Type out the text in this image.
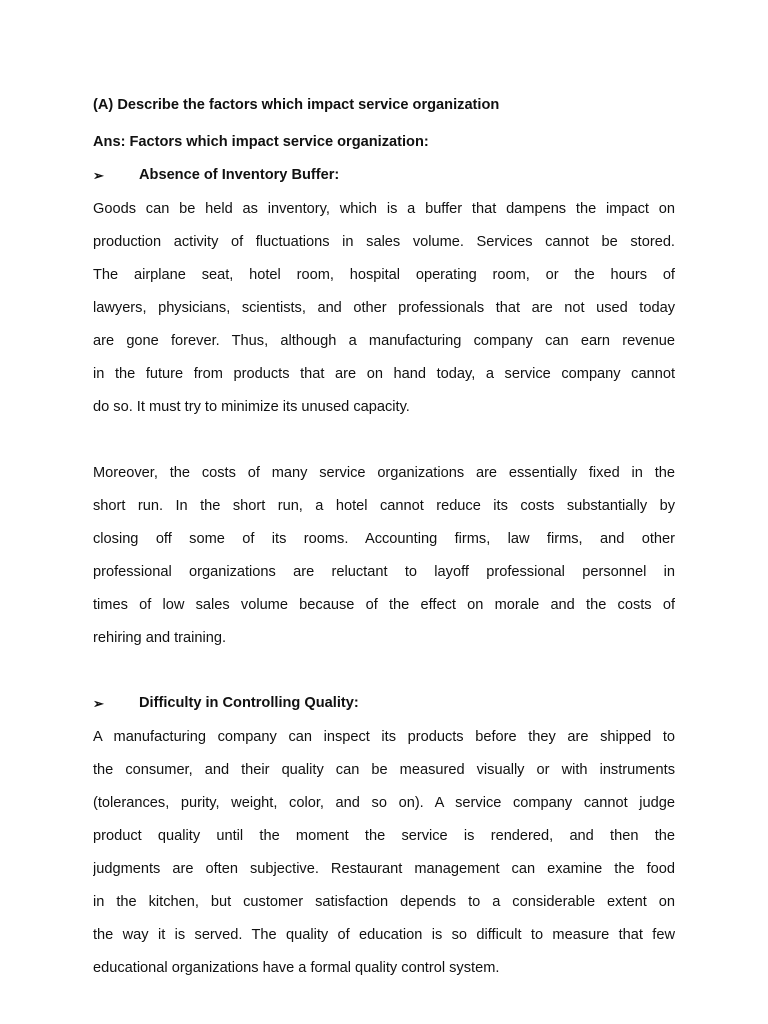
(A) Describe the factors which impact service organization
Ans: Factors which impact service organization:
➢	Absence of Inventory Buffer:
Goods can be held as inventory, which is a buffer that dampens the impact on
production activity of fluctuations in sales volume. Services cannot be stored.
The airplane seat, hotel room, hospital operating room, or the hours of
lawyers, physicians, scientists, and other professionals that are not used today
are gone forever. Thus, although a manufacturing company can earn revenue
in the future from products that are on hand today, a service company cannot
do so. It must try to minimize its unused capacity.
Moreover, the costs of many service organizations are essentially fixed in the
short run. In the short run, a hotel cannot reduce its costs substantially by
closing off some of its rooms. Accounting firms, law firms, and other
professional organizations are reluctant to layoff professional personnel in
times of low sales volume because of the effect on morale and the costs of
rehiring and training.
➢	Difficulty in Controlling Quality:
A manufacturing company can inspect its products before they are shipped to
the consumer, and their quality can be measured visually or with instruments
(tolerances, purity, weight, color, and so on). A service company cannot judge
product quality until the moment the service is rendered, and then the
judgments are often subjective. Restaurant management can examine the food
in the kitchen, but customer satisfaction depends to a considerable extent on
the way it is served. The quality of education is so difficult to measure that few
educational organizations have a formal quality control system.
